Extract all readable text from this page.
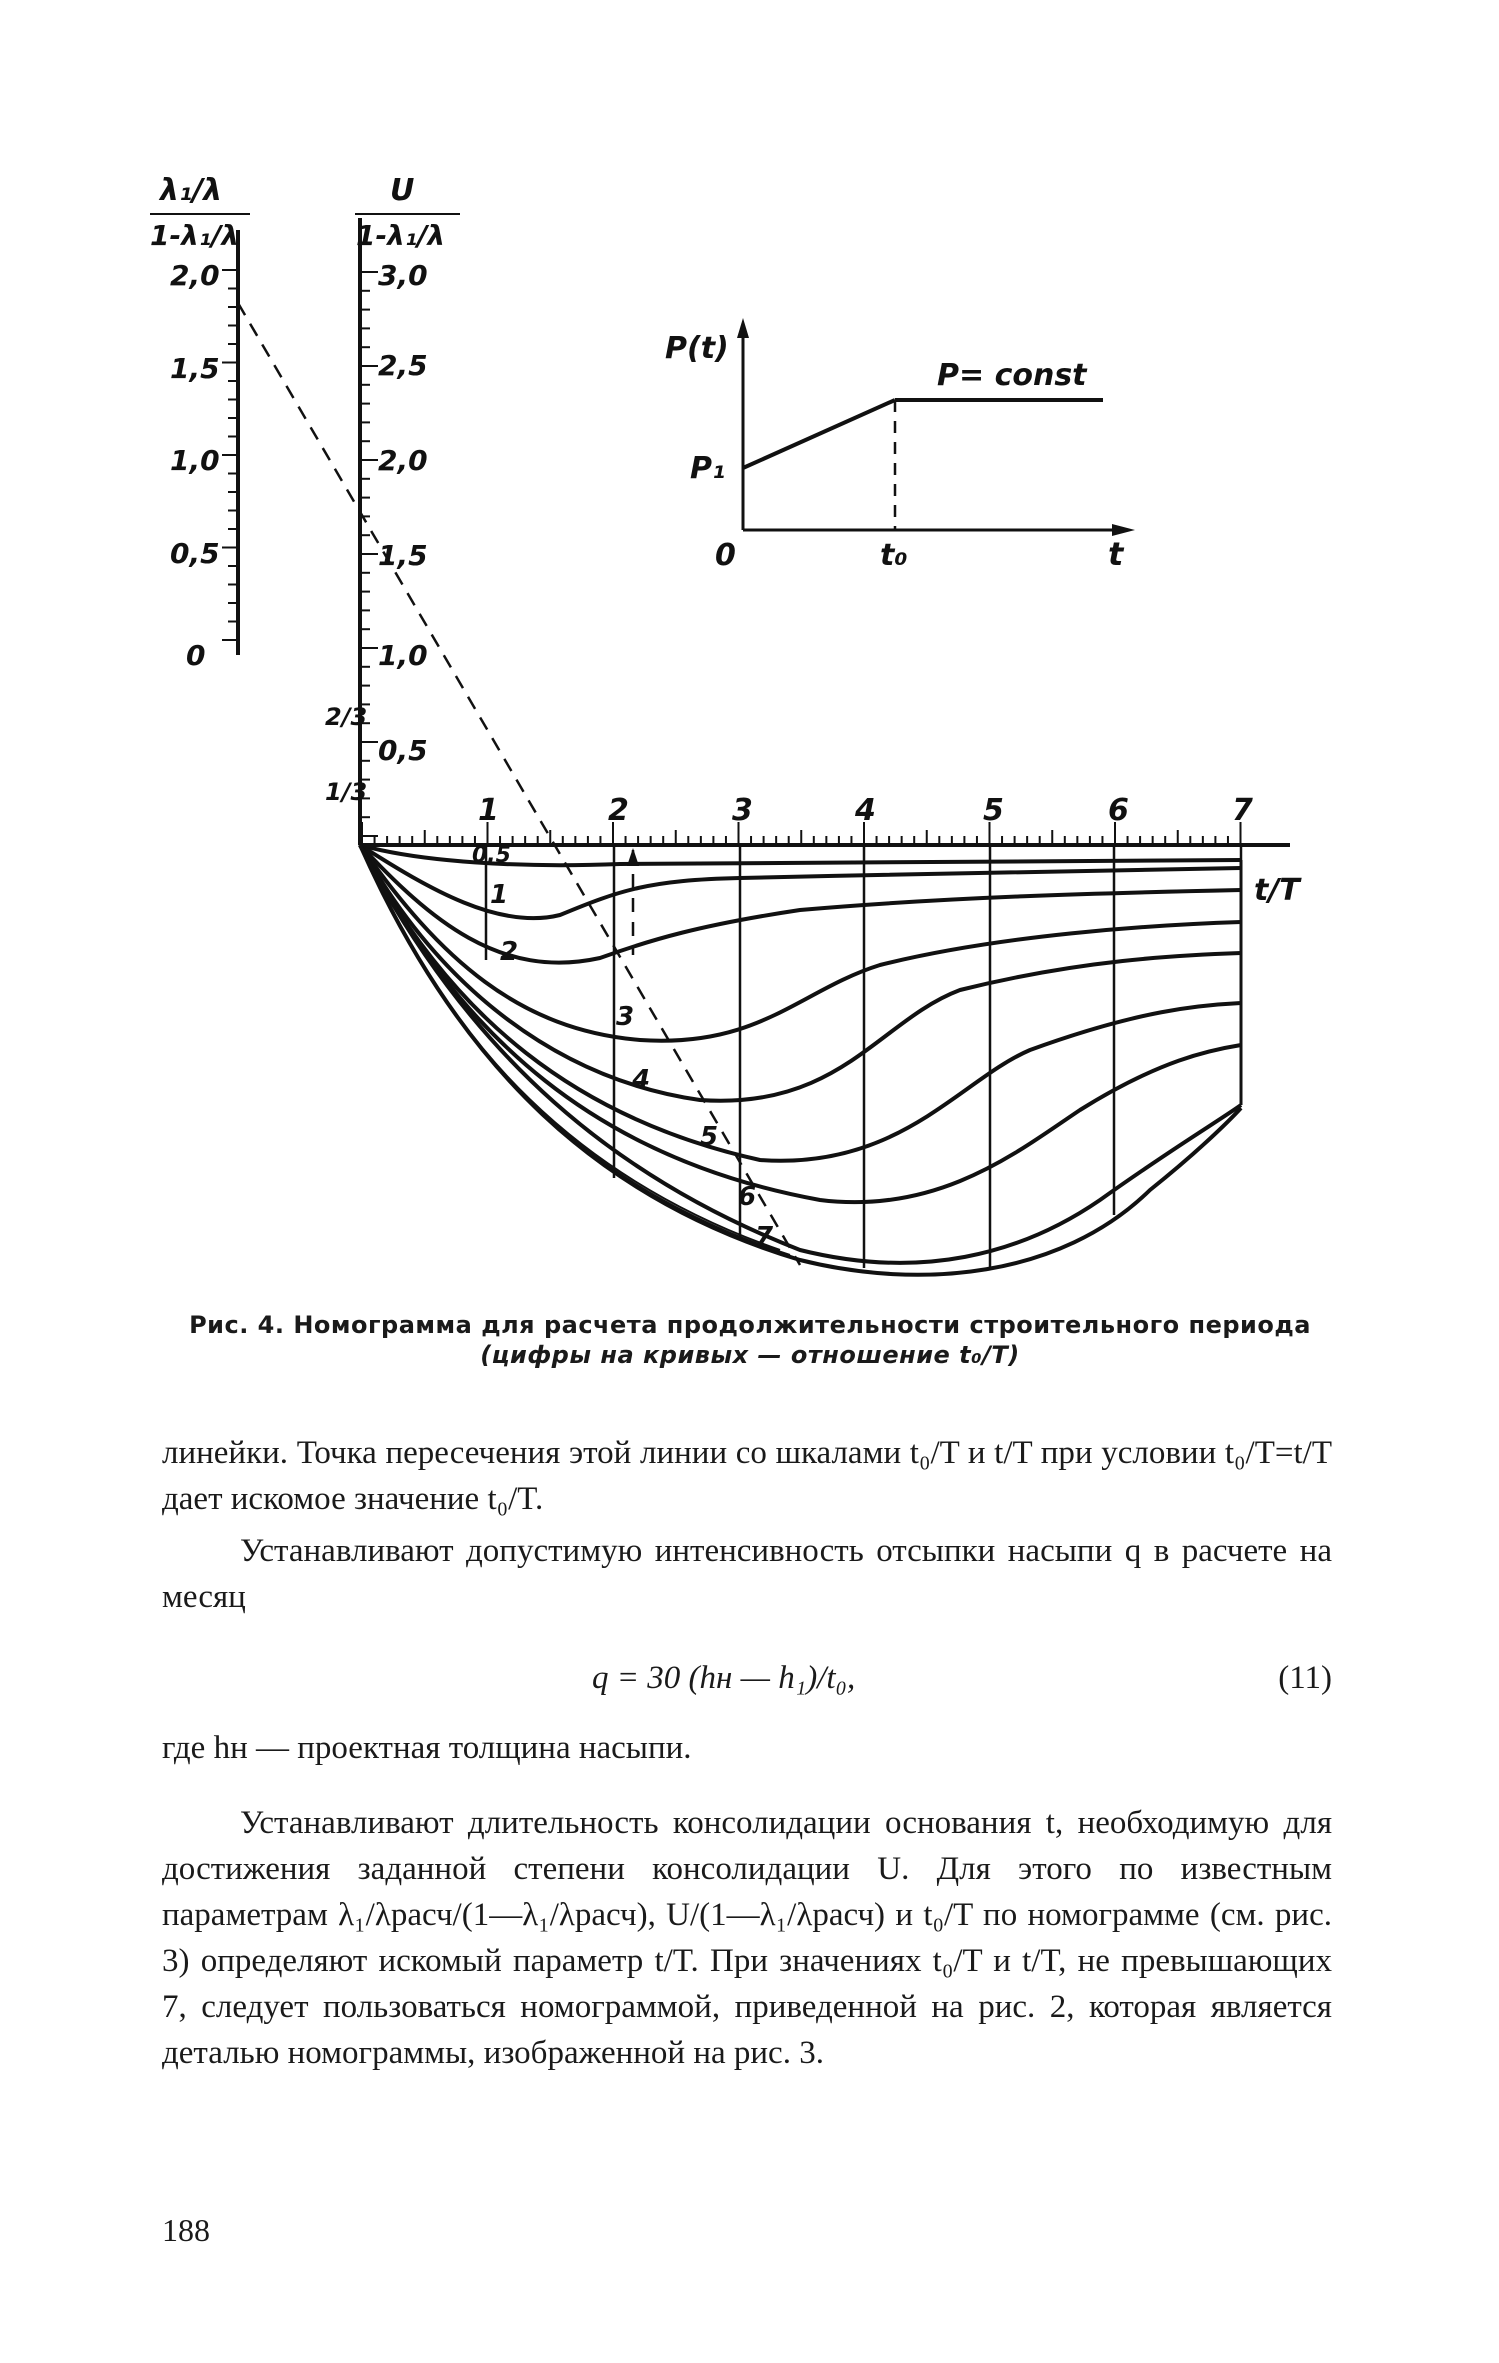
λ₁/λ
1-λ₁/λ
2,0
1,5
1,0
0,5
0
U
1-λ₁/λ
3,0
2,5
2,0
1,5
1,0
0,5
2/3
1/3
1	2	3	4	5	6	7
t/T
0,5
1
2
3
4
5
6
7
P(t)
P= const
P₁
0	t₀	t
Рис. 4. Номограмма для расчета продолжительности строительного периода
(цифры на кривых — отношение t₀/T)

линейки. Точка пересечения этой линии со шкалами t₀/T и t/T при условии t₀/T=t/T дает искомое значение t₀/T.

Устанавливают допустимую интенсивность отсыпки насыпи q в расчете на месяц

q = 30 (hн — h₁)/t₀,	(11)

где hн — проектная толщина насыпи.

Устанавливают длительность консолидации основания t, необходимую для достижения заданной степени консолидации U. Для этого по известным параметрам λ₁/λрасч/(1—λ₁/λрасч), U/(1—λ₁/λрасч) и t₀/T по номограмме (см. рис. 3) определяют искомый параметр t/T. При значениях t₀/T и t/T, не превышающих 7, следует пользоваться номограммой, приведенной на рис. 2, которая является деталью номограммы, изображенной на рис. 3.

188
